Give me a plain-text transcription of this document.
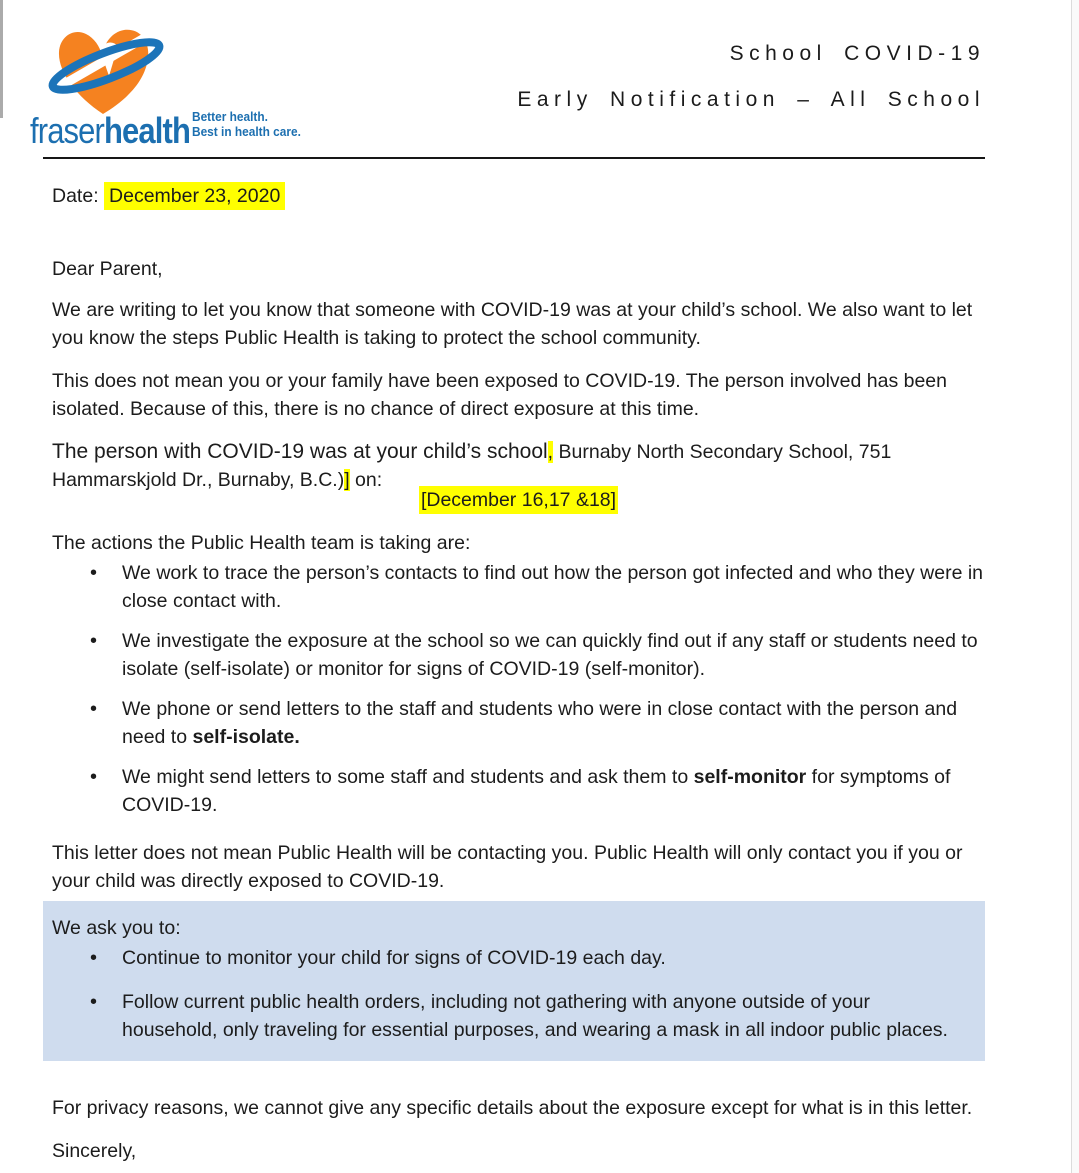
fraserhealth Better health.
Best in health care.
School COVID-19
Early Notification – All School

Date: December 23, 2020

Dear Parent,

We are writing to let you know that someone with COVID-19 was at your child’s school. We also want to let you know the steps Public Health is taking to protect the school community.

This does not mean you or your family have been exposed to COVID-19. The person involved has been isolated. Because of this, there is no chance of direct exposure at this time.

The person with COVID-19 was at your child’s school, Burnaby North Secondary School, 751 Hammarskjold Dr., Burnaby, B.C.)] on:

[December 16,17 &18]

The actions the Public Health team is taking are:

• We work to trace the person’s contacts to find out how the person got infected and who they were in close contact with.
• We investigate the exposure at the school so we can quickly find out if any staff or students need to isolate (self-isolate) or monitor for signs of COVID-19 (self-monitor).
• We phone or send letters to the staff and students who were in close contact with the person and need to self-isolate.
• We might send letters to some staff and students and ask them to self-monitor for symptoms of COVID-19.

This letter does not mean Public Health will be contacting you. Public Health will only contact you if you or your child was directly exposed to COVID-19.

We ask you to:

• Continue to monitor your child for signs of COVID-19 each day.
• Follow current public health orders, including not gathering with anyone outside of your household, only traveling for essential purposes, and wearing a mask in all indoor public places.

For privacy reasons, we cannot give any specific details about the exposure except for what is in this letter.

Sincerely,
